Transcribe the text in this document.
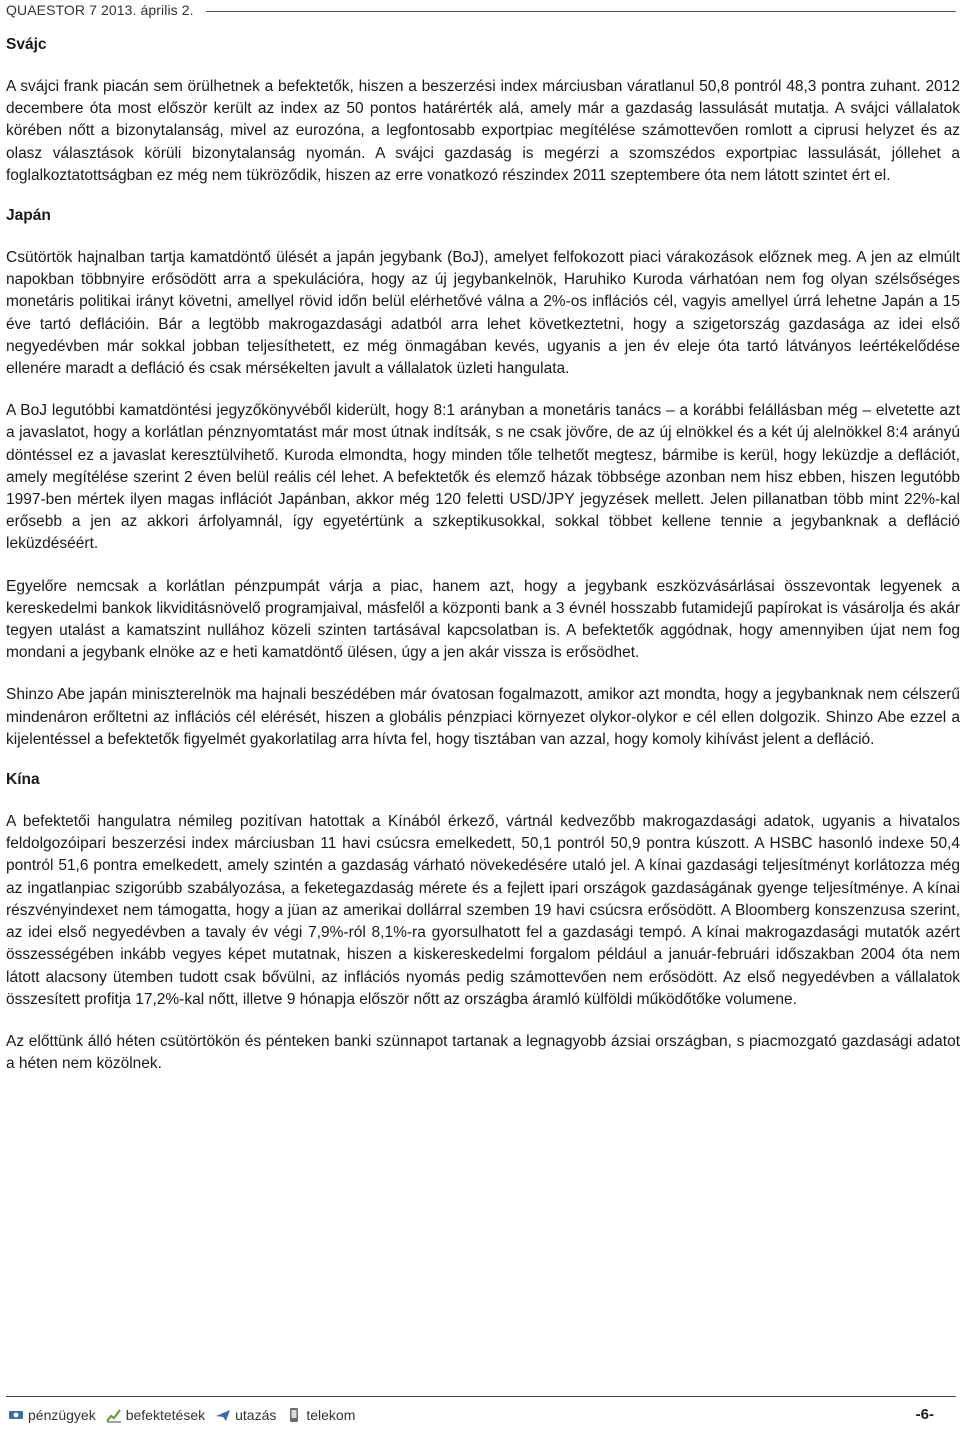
QUAESTOR 7 2013. április 2.
Svájc
A svájci frank piacán sem örülhetnek a befektetők, hiszen a beszerzési index márciusban váratlanul 50,8 pontról 48,3 pontra zuhant. 2012 decembere óta most először került az index az 50 pontos határérték alá, amely már a gazdaság lassulását mutatja. A svájci vállalatok körében nőtt a bizonytalanság, mivel az eurozóna, a legfontosabb exportpiac megítélése számottevően romlott a ciprusi helyzet és az olasz választások körüli bizonytalanság nyomán. A svájci gazdaság is megérzi a szomszédos exportpiac lassulását, jóllehet a foglalkoztatottságban ez még nem tükröződik, hiszen az erre vonatkozó részindex 2011 szeptembere óta nem látott szintet ért el.
Japán
Csütörtök hajnalban tartja kamatdöntő ülését a japán jegybank (BoJ), amelyet felfokozott piaci várakozások előznek meg. A jen az elmúlt napokban többnyire erősödött arra a spekulációra, hogy az új jegybankelnök, Haruhiko Kuroda várhatóan nem fog olyan szélsőséges monetáris politikai irányt követni, amellyel rövid időn belül elérhetővé válna a 2%-os inflációs cél, vagyis amellyel úrrá lehetne Japán a 15 éve tartó deflációin. Bár a legtöbb makrogazdasági adatból arra lehet következtetni, hogy a szigetország gazdasága az idei első negyedévben már sokkal jobban teljesíthetett, ez még önmagában kevés, ugyanis a jen év eleje óta tartó látványos leértékelődése ellenére maradt a defláció és csak mérsékelten javult a vállalatok üzleti hangulata.
A BoJ legutóbbi kamatdöntési jegyzőkönyvéből kiderült, hogy 8:1 arányban a monetáris tanács – a korábbi felállásban még – elvetette azt a javaslatot, hogy a korlátlan pénznyomtatást már most útnak indítsák, s ne csak jövőre, de az új elnökkel és a két új alelnökkel 8:4 arányú döntéssel ez a javaslat keresztülvihető. Kuroda elmondta, hogy minden tőle telhetőt megtesz, bármibe is kerül, hogy leküzdje a deflációt, amely megítélése szerint 2 éven belül reális cél lehet. A befektetők és elemző házak többsége azonban nem hisz ebben, hiszen legutóbb 1997-ben mértek ilyen magas inflációt Japánban, akkor még 120 feletti USD/JPY jegyzések mellett. Jelen pillanatban több mint 22%-kal erősebb a jen az akkori árfolyamnál, így egyetértünk a szkeptikusokkal, sokkal többet kellene tennie a jegybanknak a defláció leküzdéséért.
Egyelőre nemcsak a korlátlan pénzpumpát várja a piac, hanem azt, hogy a jegybank eszközvásárlásai összevontak legyenek a kereskedelmi bankok likviditásnövelő programjaival, másfelől a központi bank a 3 évnél hosszabb futamidejű papírokat is vásárolja és akár tegyen utalást a kamatszint nullához közeli szinten tartásával kapcsolatban is. A befektetők aggódnak, hogy amennyiben újat nem fog mondani a jegybank elnöke az e heti kamatdöntő ülésen, úgy a jen akár vissza is erősödhet.
Shinzo Abe japán miniszterelnök ma hajnali beszédében már óvatosan fogalmazott, amikor azt mondta, hogy a jegybanknak nem célszerű mindenáron erőltetni az inflációs cél elérését, hiszen a globális pénzpiaci környezet olykor-olykor e cél ellen dolgozik. Shinzo Abe ezzel a kijelentéssel a befektetők figyelmét gyakorlatilag arra hívta fel, hogy tisztában van azzal, hogy komoly kihívást jelent a defláció.
Kína
A befektetői hangulatra némileg pozitívan hatottak a Kínából érkező, vártnál kedvezőbb makrogazdasági adatok, ugyanis a hivatalos feldolgozóipari beszerzési index márciusban 11 havi csúcsra emelkedett, 50,1 pontról 50,9 pontra kúszott. A HSBC hasonló indexe 50,4 pontról 51,6 pontra emelkedett, amely szintén a gazdaság várható növekedésére utaló jel. A kínai gazdasági teljesítményt korlátozza még az ingatlanpiac szigorúbb szabályozása, a feketegazdaság mérete és a fejlett ipari országok gazdaságának gyenge teljesítménye. A kínai részvényindexet nem támogatta, hogy a jüan az amerikai dollárral szemben 19 havi csúcsra erősödött. A Bloomberg konszenzusa szerint, az idei első negyedévben a tavaly év végi 7,9%-ról 8,1%-ra gyorsulhatott fel a gazdasági tempó. A kínai makrogazdasági mutatók azért összességében inkább vegyes képet mutatnak, hiszen a kiskereskedelmi forgalom például a január-februári időszakban 2004 óta nem látott alacsony ütemben tudott csak bővülni, az inflációs nyomás pedig számottevően nem erősödött. Az első negyedévben a vállalatok összesített profitja 17,2%-kal nőtt, illetve 9 hónapja először nőtt az országba áramló külföldi működőtőke volumene.
Az előttünk álló héten csütörtökön és pénteken banki szünnapot tartanak a legnagyobb ázsiai országban, s piacmozgató gazdasági adatot a héten nem közölnek.
pénzügyek befektetések utazás telekom	-6-
